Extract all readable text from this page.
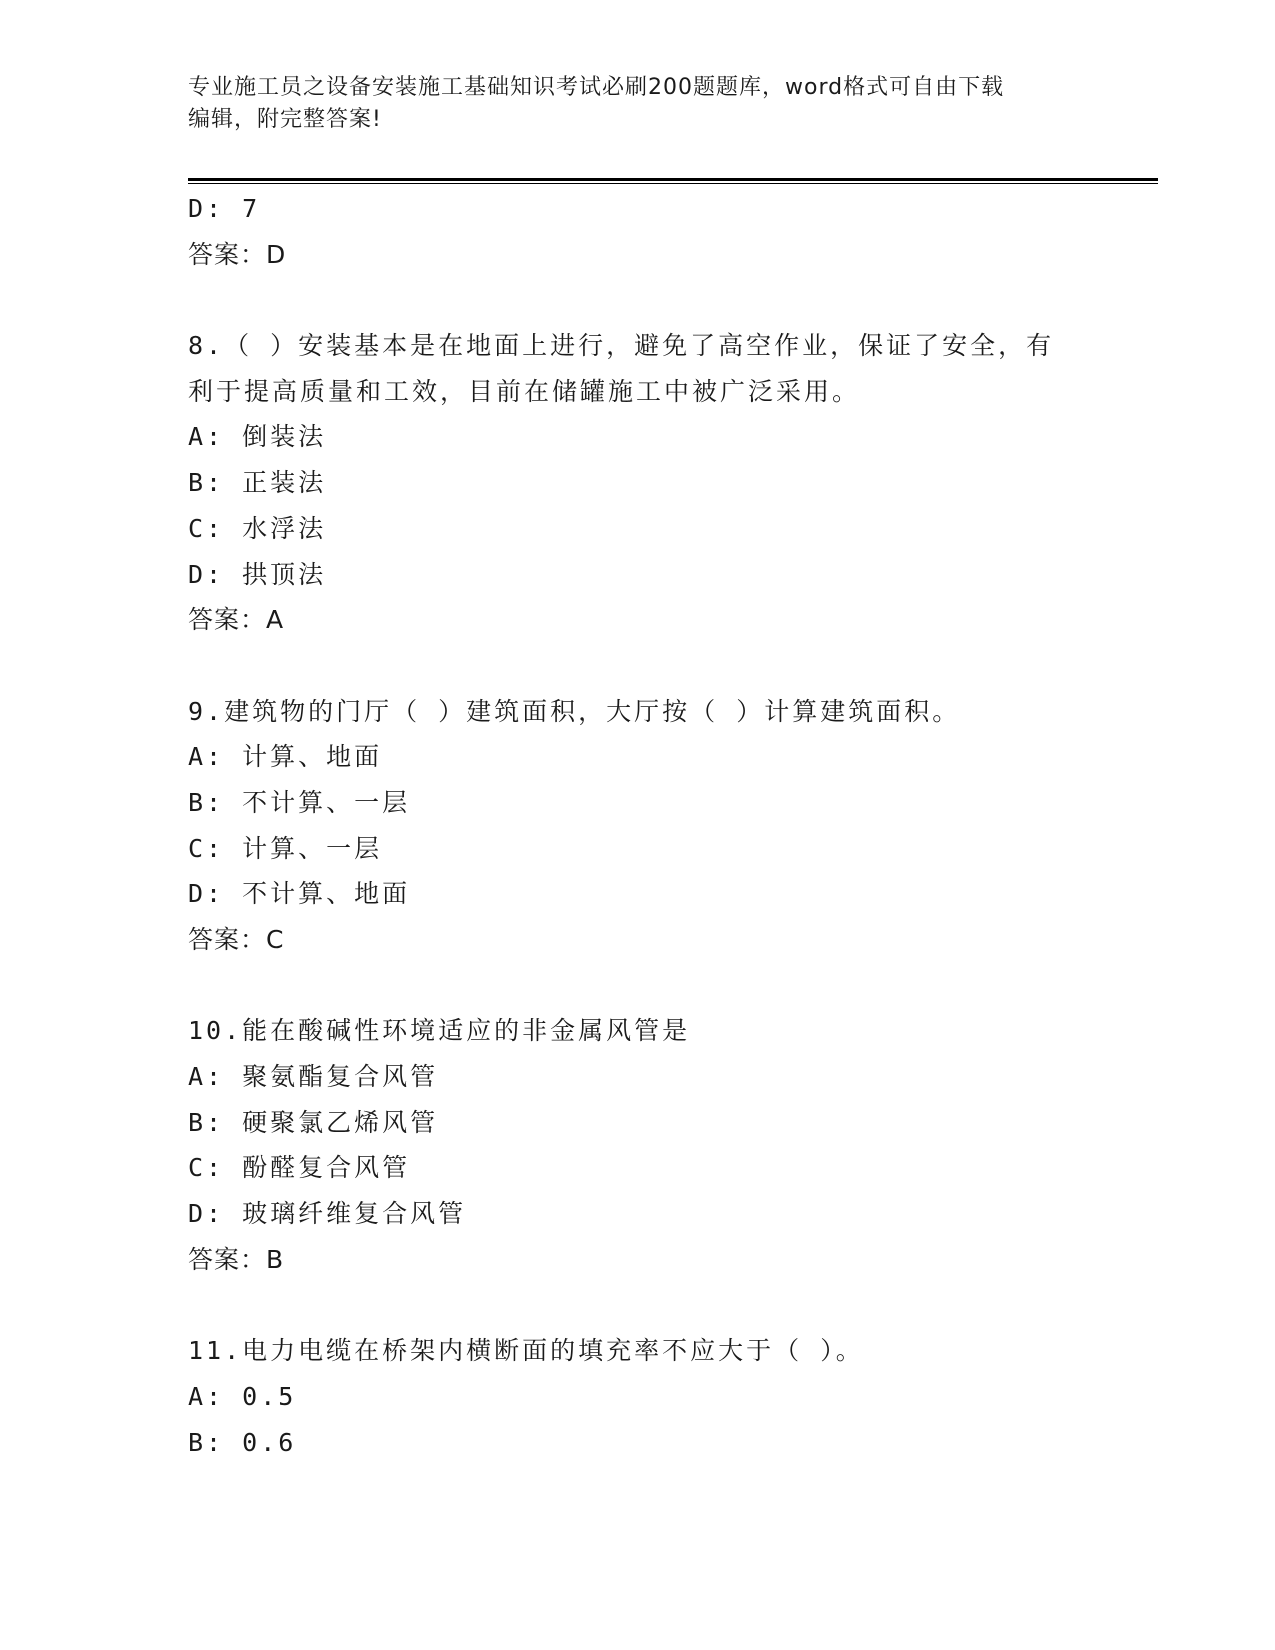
专业施工员之设备安装施工基础知识考试必刷200题题库，word格式可自由下载
编辑，附完整答案!
D: 7
答案：D
8.（ ）安装基本是在地面上进行，避免了高空作业，保证了安全，有
利于提高质量和工效，目前在储罐施工中被广泛采用。
A: 倒装法
B: 正装法
C: 水浮法
D: 拱顶法
答案：A
9.建筑物的门厅（ ）建筑面积，大厅按（ ）计算建筑面积。
A: 计算、地面
B: 不计算、一层
C: 计算、一层
D: 不计算、地面
答案：C
10.能在酸碱性环境适应的非金属风管是
A: 聚氨酯复合风管
B: 硬聚氯乙烯风管
C: 酚醛复合风管
D: 玻璃纤维复合风管
答案：B
11.电力电缆在桥架内横断面的填充率不应大于（ ）。
A: 0.5
B: 0.6
